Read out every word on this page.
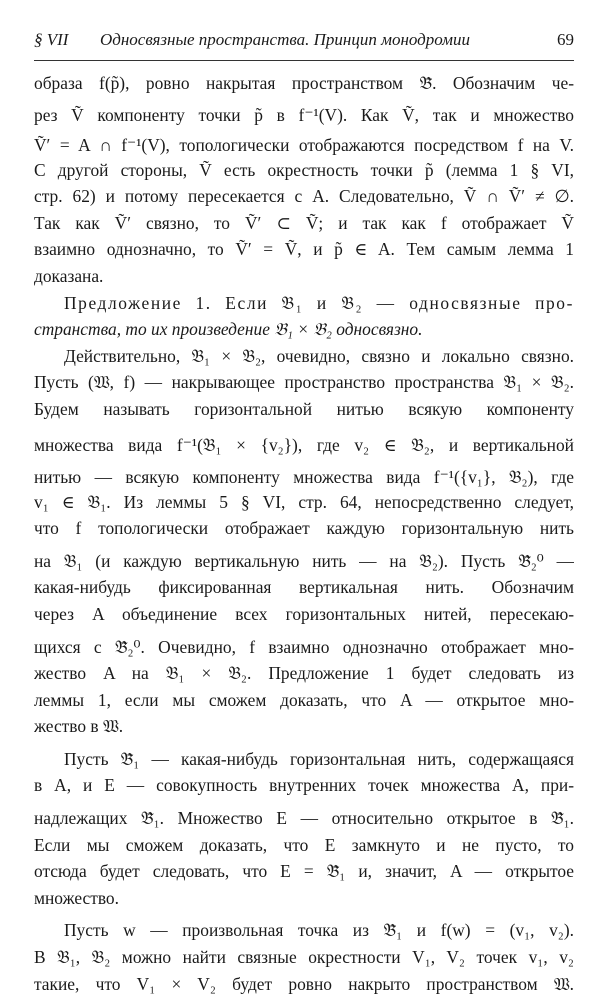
§ VII Односвязные пространства. Принцип монодромии	69
образа f(p̃), ровно накрытая пространством 𝔅̃. Обозначим че-
рез Ṽ компоненту точки p̃ в f⁻¹(V). Как Ṽ, так и множество
Ṽ′ = A ∩ f⁻¹(V), топологически отображаются посредством f на V.
С другой стороны, Ṽ есть окрестность точки p̃ (лемма 1 § VI,
стр. 62) и потому пересекается с A. Следовательно, Ṽ ∩ Ṽ′ ≠ ∅.
Так как Ṽ′ связно, то Ṽ′ ⊂ Ṽ; и так как f отображает Ṽ
взаимно однозначно, то Ṽ′ = Ṽ, и p̃ ∈ A. Тем самым лемма 1
доказана.
Предложение 1. Если 𝔅₁ и 𝔅₂ — односвязные про-
странства, то их произведение 𝔅₁ × 𝔅₂ односвязно.
Действительно, 𝔅₁ × 𝔅₂, очевидно, связно и локально связно.
Пусть (𝔚, f) — накрывающее пространство пространства 𝔅₁ × 𝔅₂.
Будем называть горизонтальной нитью всякую компоненту
множества вида f⁻¹(𝔅₁ × {v₂}), где v₂ ∈ 𝔅₂, и вертикальной
нитью — всякую компоненту множества вида f⁻¹({v₁}, 𝔅₂), где
v₁ ∈ 𝔅₁. Из леммы 5 § VI, стр. 64, непосредственно следует,
что f топологически отображает каждую горизонтальную нить
на 𝔅₁ (и каждую вертикальную нить — на 𝔅₂). Пусть 𝔅̃₂⁰ —
какая-нибудь фиксированная вертикальная нить. Обозначим
через A объединение всех горизонтальных нитей, пересекаю-
щихся с 𝔅̃₂⁰. Очевидно, f взаимно однозначно отображает мно-
жество A на 𝔅₁ × 𝔅₂. Предложение 1 будет следовать из
леммы 1, если мы сможем доказать, что A — открытое мно-
жество в 𝔚.
Пусть 𝔅̃₁ — какая-нибудь горизонтальная нить, содержащаяся
в A, и E — совокупность внутренних точек множества A, при-
надлежащих 𝔅̃₁. Множество E — относительно открытое в 𝔅̃₁.
Если мы сможем доказать, что E замкнуто и не пусто, то
отсюда будет следовать, что E = 𝔅̃₁ и, значит, A — открытое
множество.
Пусть w — произвольная точка из 𝔅̃₁ и f(w) = (v₁, v₂).
В 𝔅₁, 𝔅₂ можно найти связные окрестности V₁, V₂ точек v₁, v₂
такие, что V₁ × V₂ будет ровно накрыто пространством 𝔚.
